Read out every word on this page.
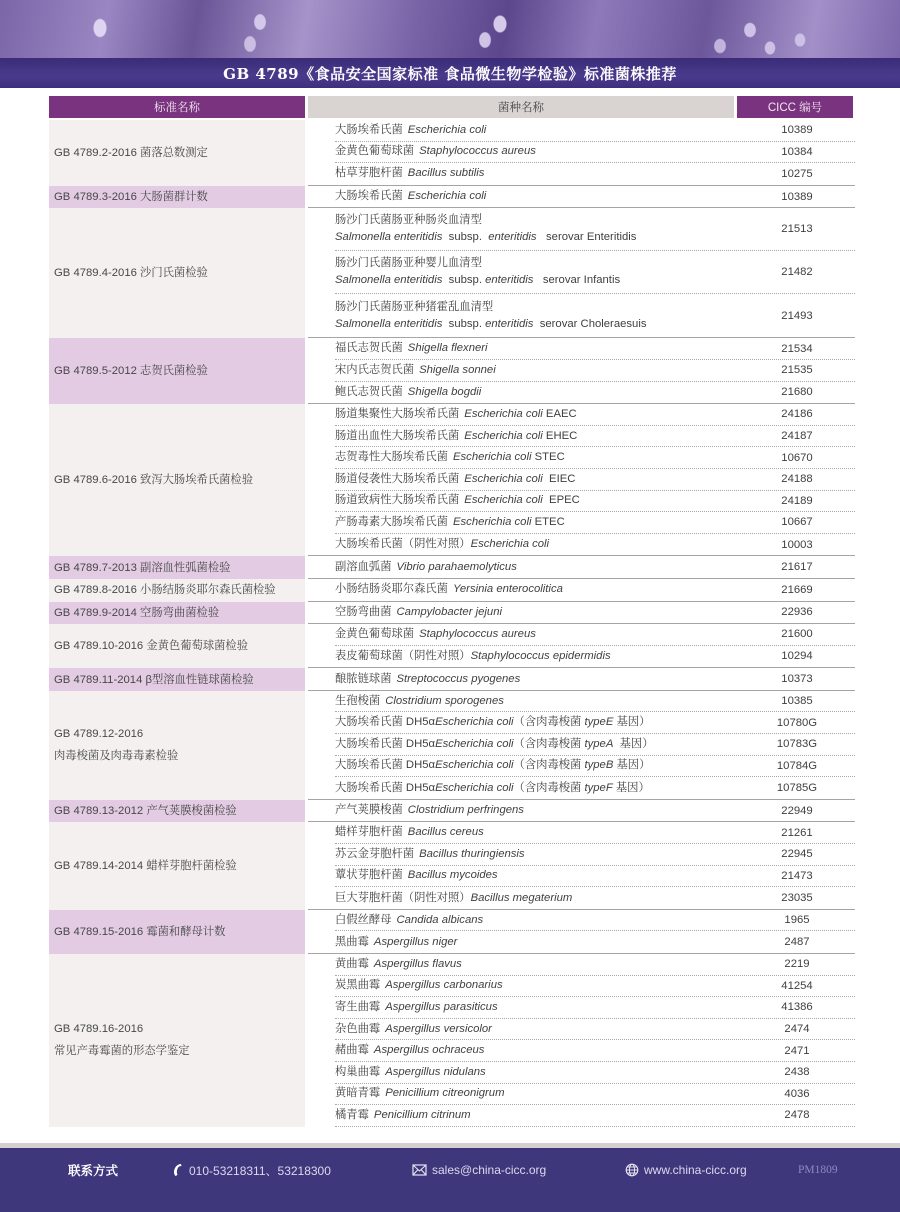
GB 4789《食品安全国家标准 食品微生物学检验》标准菌株推荐
标准名称	菌种名称	CICC 编号
GB 4789.2-2016 菌落总数测定
大肠埃希氏菌 Escherichia coli	10389
金黄色葡萄球菌 Staphylococcus aureus	10384
枯草芽胞杆菌 Bacillus subtilis	10275
GB 4789.3-2016 大肠菌群计数	大肠埃希氏菌 Escherichia coli	10389
GB 4789.4-2016 沙门氏菌检验
肠沙门氏菌肠亚种肠炎血清型
Salmonella enteritidis  subsp.  enteritidis   serovar Enteritidis
21513
肠沙门氏菌肠亚种婴儿血清型
Salmonella enteritidis  subsp. enteritidis   serovar Infantis
21482
肠沙门氏菌肠亚种猪霍乱血清型
Salmonella enteritidis  subsp. enteritidis  serovar Choleraesuis
21493
GB 4789.5-2012 志贺氏菌检验
福氏志贺氏菌 Shigella flexneri	21534
宋内氏志贺氏菌 Shigella sonnei	21535
鲍氏志贺氏菌 Shigella bogdii	21680
GB 4789.6-2016 致泻大肠埃希氏菌检验
肠道集聚性大肠埃希氏菌 Escherichia coli EAEC	24186
肠道出血性大肠埃希氏菌 Escherichia coli EHEC	24187
志贺毒性大肠埃希氏菌 Escherichia coli STEC	10670
肠道侵袭性大肠埃希氏菌 Escherichia coli  EIEC	24188
肠道致病性大肠埃希氏菌 Escherichia coli  EPEC	24189
产肠毒素大肠埃希氏菌 Escherichia coli ETEC	10667
大肠埃希氏菌（阴性对照）Escherichia coli	10003
GB 4789.7-2013 副溶血性弧菌检验	副溶血弧菌 Vibrio parahaemolyticus	21617
GB 4789.8-2016 小肠结肠炎耶尔森氏菌检验	小肠结肠炎耶尔森氏菌 Yersinia enterocolitica	21669
GB 4789.9-2014 空肠弯曲菌检验	空肠弯曲菌 Campylobacter jejuni	22936
GB 4789.10-2016 金黄色葡萄球菌检验
金黄色葡萄球菌 Staphylococcus aureus	21600
表皮葡萄球菌（阴性对照）Staphylococcus epidermidis	10294
GB 4789.11-2014 β型溶血性链球菌检验	酿脓链球菌 Streptococcus pyogenes	10373
GB 4789.12-2016
肉毒梭菌及肉毒毒素检验
生孢梭菌 Clostridium sporogenes	10385
大肠埃希氏菌 DH5αEscherichia coli（含肉毒梭菌 typeE 基因）	10780G
大肠埃希氏菌 DH5αEscherichia coli（含肉毒梭菌 typeA  基因）	10783G
大肠埃希氏菌 DH5αEscherichia coli（含肉毒梭菌 typeB 基因）	10784G
大肠埃希氏菌 DH5αEscherichia coli（含肉毒梭菌 typeF 基因）	10785G
GB 4789.13-2012 产气荚膜梭菌检验	产气荚膜梭菌 Clostridium perfringens	22949
GB 4789.14-2014 蜡样芽胞杆菌检验
蜡样芽胞杆菌 Bacillus cereus	21261
苏云金芽胞杆菌 Bacillus thuringiensis	22945
蕈状芽胞杆菌 Bacillus mycoides	21473
巨大芽胞杆菌（阴性对照）Bacillus megaterium	23035
GB 4789.15-2016 霉菌和酵母计数
白假丝酵母 Candida albicans	1965
黑曲霉 Aspergillus niger	2487
GB 4789.16-2016
常见产毒霉菌的形态学鉴定
黄曲霉 Aspergillus flavus	2219
炭黑曲霉 Aspergillus carbonarius	41254
寄生曲霉 Aspergillus parasiticus	41386
杂色曲霉 Aspergillus versicolor	2474
赭曲霉 Aspergillus ochraceus	2471
构巢曲霉 Aspergillus nidulans	2438
黄暗青霉 Penicillium citreonigrum	4036
橘青霉 Penicillium citrinum	2478
联系方式	010-53218311、53218300	sales@china-cicc.org	www.china-cicc.org	PM1809
